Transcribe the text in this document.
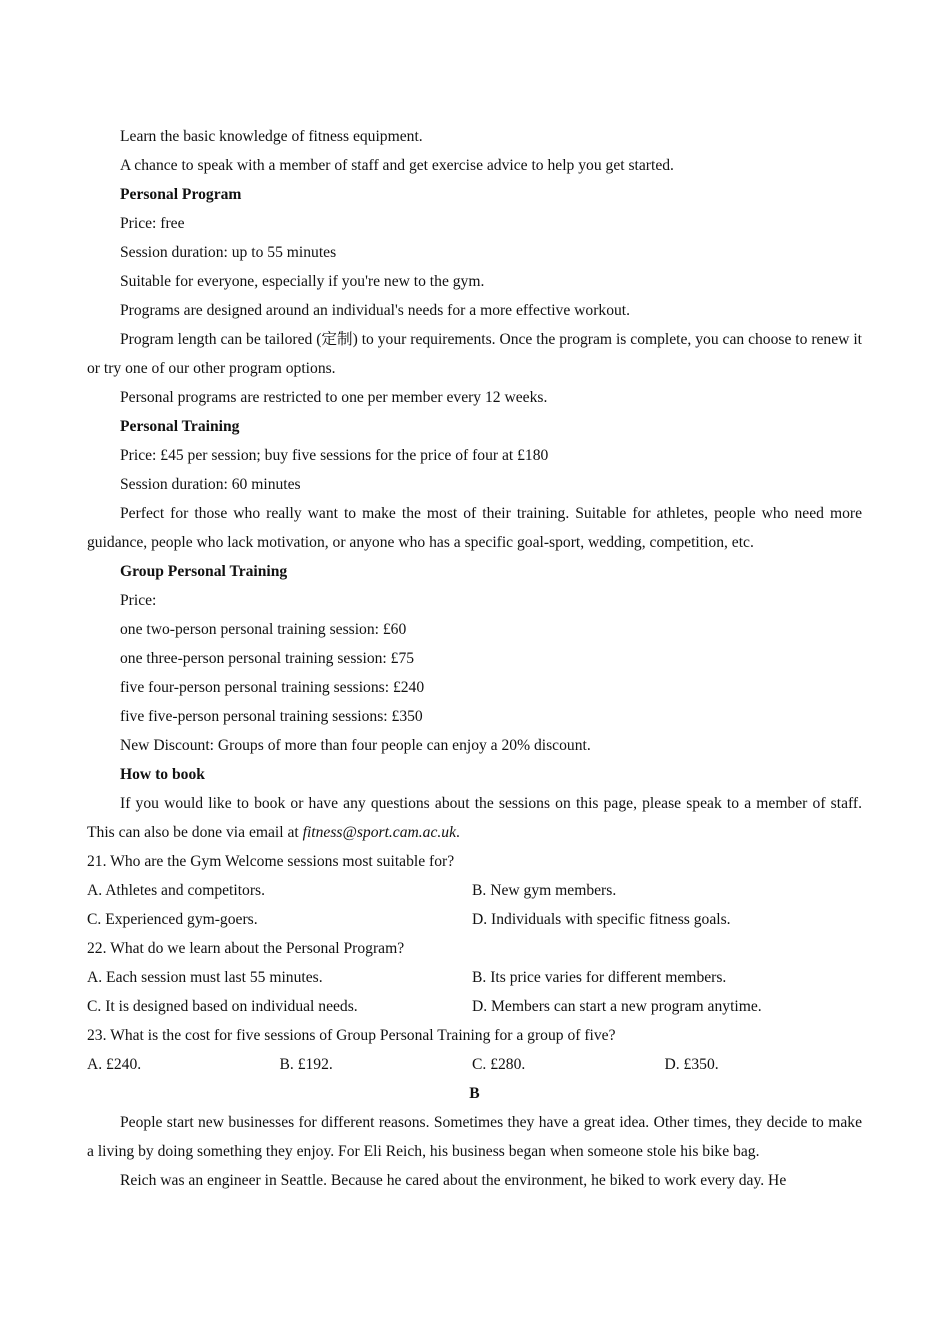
Learn the basic knowledge of fitness equipment.

A chance to speak with a member of staff and get exercise advice to help you get started.

Personal Program

Price: free

Session duration: up to 55 minutes

Suitable for everyone, especially if you're new to the gym.

Programs are designed around an individual's needs for a more effective workout.

Program length can be tailored (定制) to your requirements. Once the program is complete, you can choose to renew it or try one of our other program options.

Personal programs are restricted to one per member every 12 weeks.

Personal Training

Price: £45 per session; buy five sessions for the price of four at £180

Session duration: 60 minutes

Perfect for those who really want to make the most of their training. Suitable for athletes, people who need more guidance, people who lack motivation, or anyone who has a specific goal-sport, wedding, competition, etc.

Group Personal Training

Price:

one two-person personal training session: £60

one three-person personal training session: £75

five four-person personal training sessions: £240

five five-person personal training sessions: £350

New Discount: Groups of more than four people can enjoy a 20% discount.

How to book

If you would like to book or have any questions about the sessions on this page, please speak to a member of staff. This can also be done via email at fitness@sport.cam.ac.uk.

21. Who are the Gym Welcome sessions most suitable for?

A. Athletes and competitors.	B. New gym members.
C. Experienced gym-goers.	D. Individuals with specific fitness goals.

22. What do we learn about the Personal Program?

A. Each session must last 55 minutes.	B. Its price varies for different members.
C. It is designed based on individual needs.	D. Members can start a new program anytime.

23. What is the cost for five sessions of Group Personal Training for a group of five?

A. £240.	B. £192.	C. £280.	D. £350.

B

People start new businesses for different reasons. Sometimes they have a great idea. Other times, they decide to make a living by doing something they enjoy. For Eli Reich, his business began when someone stole his bike bag.

Reich was an engineer in Seattle. Because he cared about the environment, he biked to work every day. He
